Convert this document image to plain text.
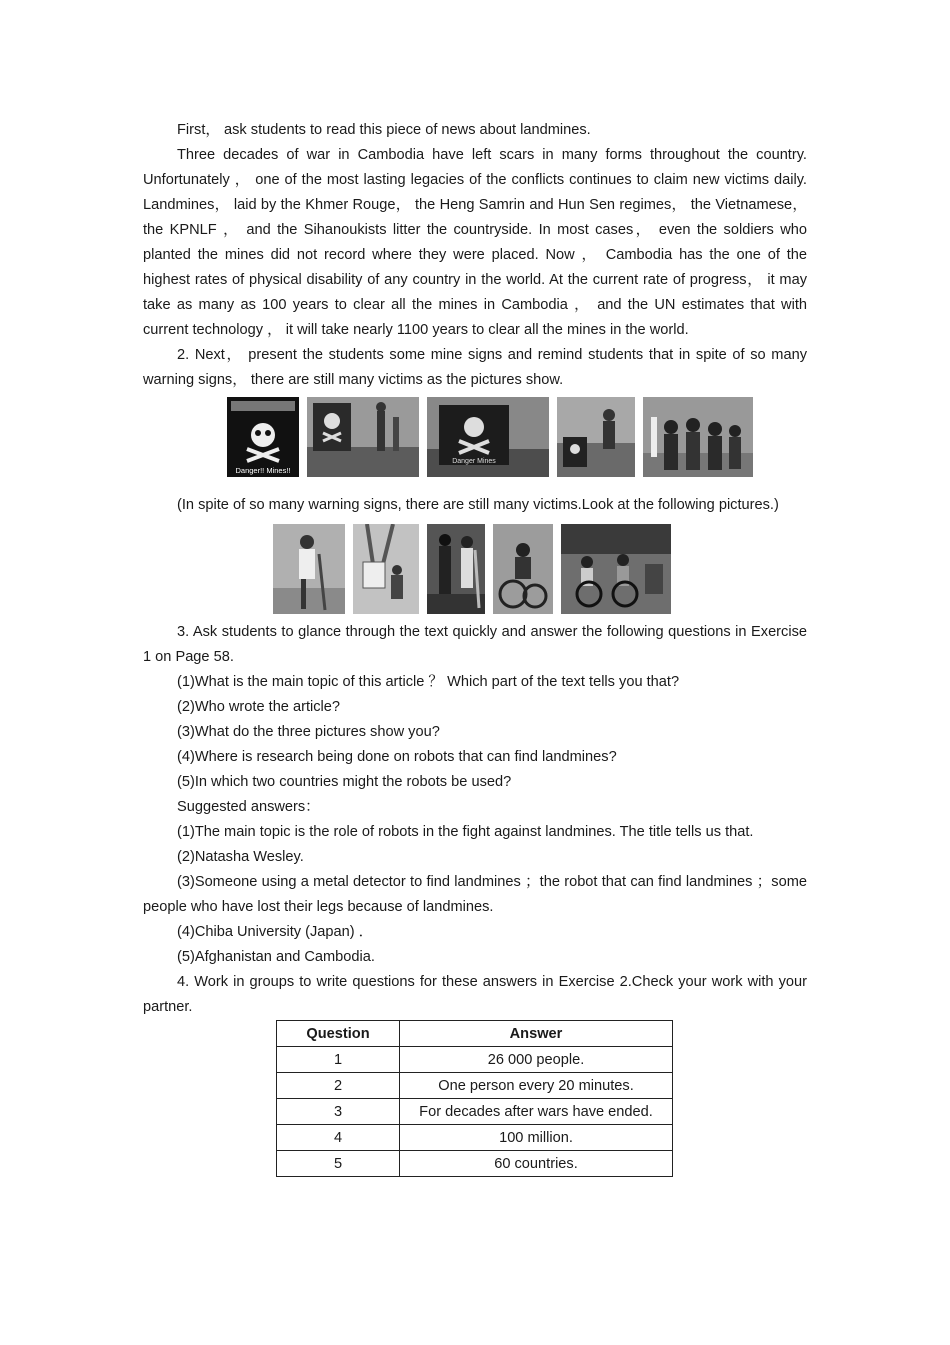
First， ask students to read this piece of news about landmines.

Three decades of war in Cambodia have left scars in many forms throughout the country. Unfortunately ， one of the most lasting legacies of the conflicts continues to claim new victims daily. Landmines， laid by the Khmer Rouge， the Heng Samrin and Hun Sen regimes， the Vietnamese， the KPNLF ， and the Sihanoukists litter the countryside. In most cases， even the soldiers who planted the mines did not record where they were placed. Now ， Cambodia has the one of the highest rates of physical disability of any country in the world. At the current rate of progress， it may take as many as 100 years to clear all the mines in Cambodia ， and the UN estimates that with current technology ， it will take nearly 1100 years to clear all the mines in the world.

2. Next， present the students some mine signs and remind students that in spite of so many warning signs， there are still many victims as the pictures show.

Danger!! Mines!!
Danger Mines

(In spite of so many warning signs, there are still many victims.Look at the following pictures.)

3. Ask students to glance through the text quickly and answer the following questions in Exercise 1 on Page 58.

(1)What is the main topic of this article ？ Which part of the text tells you that?

(2)Who wrote the article?

(3)What do the three pictures show you?

(4)Where is research being done on robots that can find landmines?

(5)In which two countries might the robots be used?

Suggested answers：

(1)The main topic is the role of robots in the fight against landmines. The title tells us that.

(2)Natasha Wesley.

(3)Someone using a metal detector to find landmines ；the robot that can find landmines ；some people who have lost their legs because of landmines.

(4)Chiba University (Japan) ．

(5)Afghanistan and Cambodia.

4. Work in groups to write questions for these answers in Exercise 2.Check your work with your partner.

Question	Answer
1	26 000 people.
2	One person every 20 minutes.
3	For decades after wars have ended.
4	100 million.
5	60 countries.
